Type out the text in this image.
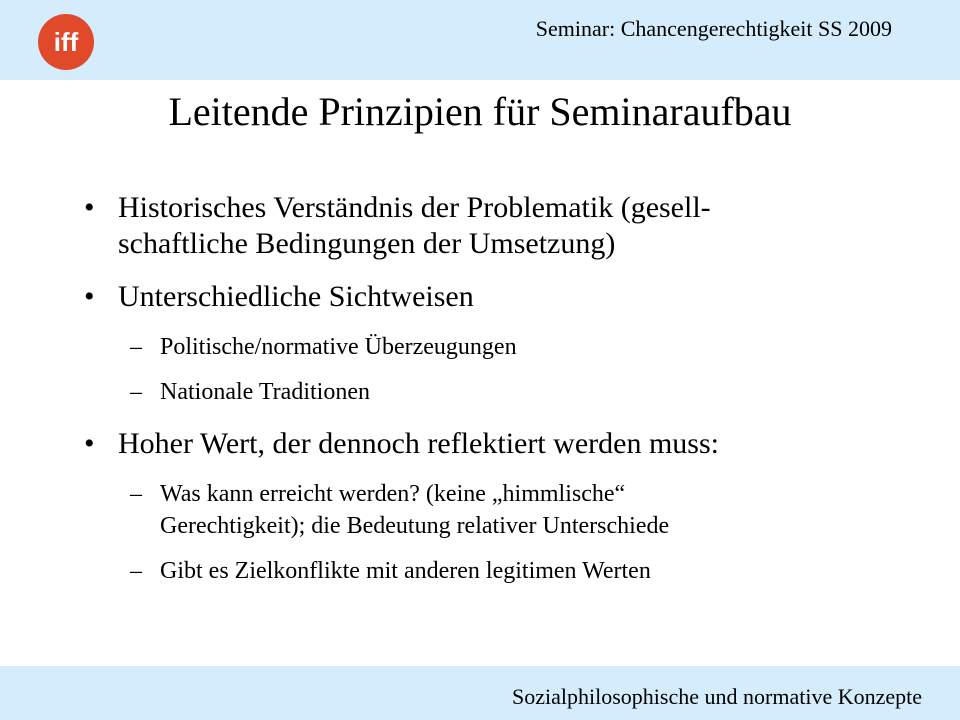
iff	Seminar: Chancengerechtigkeit SS 2009
Leitende Prinzipien für Seminaraufbau
• Historisches Verständnis der Problematik (gesell-
schaftliche Bedingungen der Umsetzung)
• Unterschiedliche Sichtweisen
– Politische/normative Überzeugungen
– Nationale Traditionen
• Hoher Wert, der dennoch reflektiert werden muss:
– Was kann erreicht werden? (keine „himmlische“
Gerechtigkeit); die Bedeutung relativer Unterschiede
– Gibt es Zielkonflikte mit anderen legitimen Werten
Sozialphilosophische und normative Konzepte
